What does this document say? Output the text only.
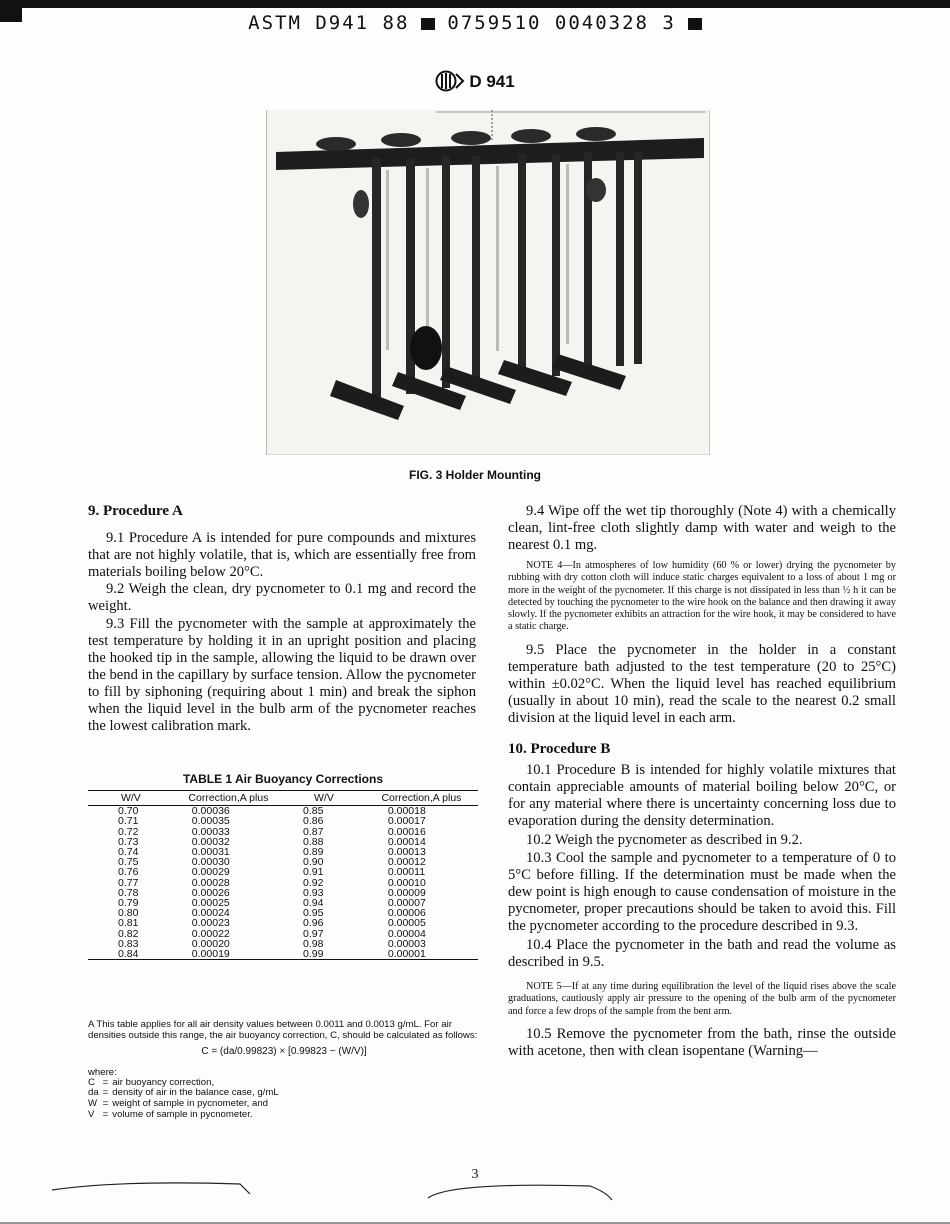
ASTM D941 88 0759510 0040328 3
D 941
FIG. 3 Holder Mounting

9. Procedure A

9.1 Procedure A is intended for pure compounds and mixtures that are not highly volatile, that is, which are essentially free from materials boiling below 20°C.

9.2 Weigh the clean, dry pycnometer to 0.1 mg and record the weight.

9.3 Fill the pycnometer with the sample at approximately the test temperature by holding it in an upright position and placing the hooked tip in the sample, allowing the liquid to be drawn over the bend in the capillary by surface tension. Allow the pycnometer to fill by siphoning (requiring about 1 min) and break the siphon when the liquid level in the bulb arm of the pycnometer reaches the lowest calibration mark.

TABLE 1 Air Buoyancy Corrections
W/V	Correction,A plus	W/V	Correction,A plus
0.70	0.00036	0.85	0.00018
0.71	0.00035	0.86	0.00017
0.72	0.00033	0.87	0.00016
0.73	0.00032	0.88	0.00014
0.74	0.00031	0.89	0.00013
0.75	0.00030	0.90	0.00012
0.76	0.00029	0.91	0.00011
0.77	0.00028	0.92	0.00010
0.78	0.00026	0.93	0.00009
0.79	0.00025	0.94	0.00007
0.80	0.00024	0.95	0.00006
0.81	0.00023	0.96	0.00005
0.82	0.00022	0.97	0.00004
0.83	0.00020	0.98	0.00003
0.84	0.00019	0.99	0.00001

A This table applies for all air density values between 0.0011 and 0.0013 g/mL. For air densities outside this range, the air buoyancy correction, C, should be calculated as follows:

C = (da/0.99823) × [0.99823 − (W/V)]

where:

C	=	air buoyancy correction,
da	=	density of air in the balance case, g/mL
W	=	weight of sample in pycnometer, and
V	=	volume of sample in pycnometer.

9.4 Wipe off the wet tip thoroughly (Note 4) with a chemically clean, lint-free cloth slightly damp with water and weigh to the nearest 0.1 mg.

NOTE 4—In atmospheres of low humidity (60 % or lower) drying the pycnometer by rubbing with dry cotton cloth will induce static charges equivalent to a loss of about 1 mg or more in the weight of the pycnometer. If this charge is not dissipated in less than ½ h it can be detected by touching the pycnometer to the wire hook on the balance and then drawing it away slowly. If the pycnometer exhibits an attraction for the wire hook, it may be considered to have a static charge.

9.5 Place the pycnometer in the holder in a constant temperature bath adjusted to the test temperature (20 to 25°C) within ±0.02°C. When the liquid level has reached equilibrium (usually in about 10 min), read the scale to the nearest 0.2 small division at the liquid level in each arm.

10. Procedure B

10.1 Procedure B is intended for highly volatile mixtures that contain appreciable amounts of material boiling below 20°C, or for any material where there is uncertainty concerning loss due to evaporation during the density determination.

10.2 Weigh the pycnometer as described in 9.2.

10.3 Cool the sample and pycnometer to a temperature of 0 to 5°C before filling. If the determination must be made when the dew point is high enough to cause condensation of moisture in the pycnometer, proper precautions should be taken to avoid this. Fill the pycnometer according to the procedure described in 9.3.

10.4 Place the pycnometer in the bath and read the volume as described in 9.5.

NOTE 5—If at any time during equilibration the level of the liquid rises above the scale graduations, cautiously apply air pressure to the opening of the bulb arm of the pycnometer and force a few drops of the sample from the bent arm.

10.5 Remove the pycnometer from the bath, rinse the outside with acetone, then with clean isopentane (Warning—

3
